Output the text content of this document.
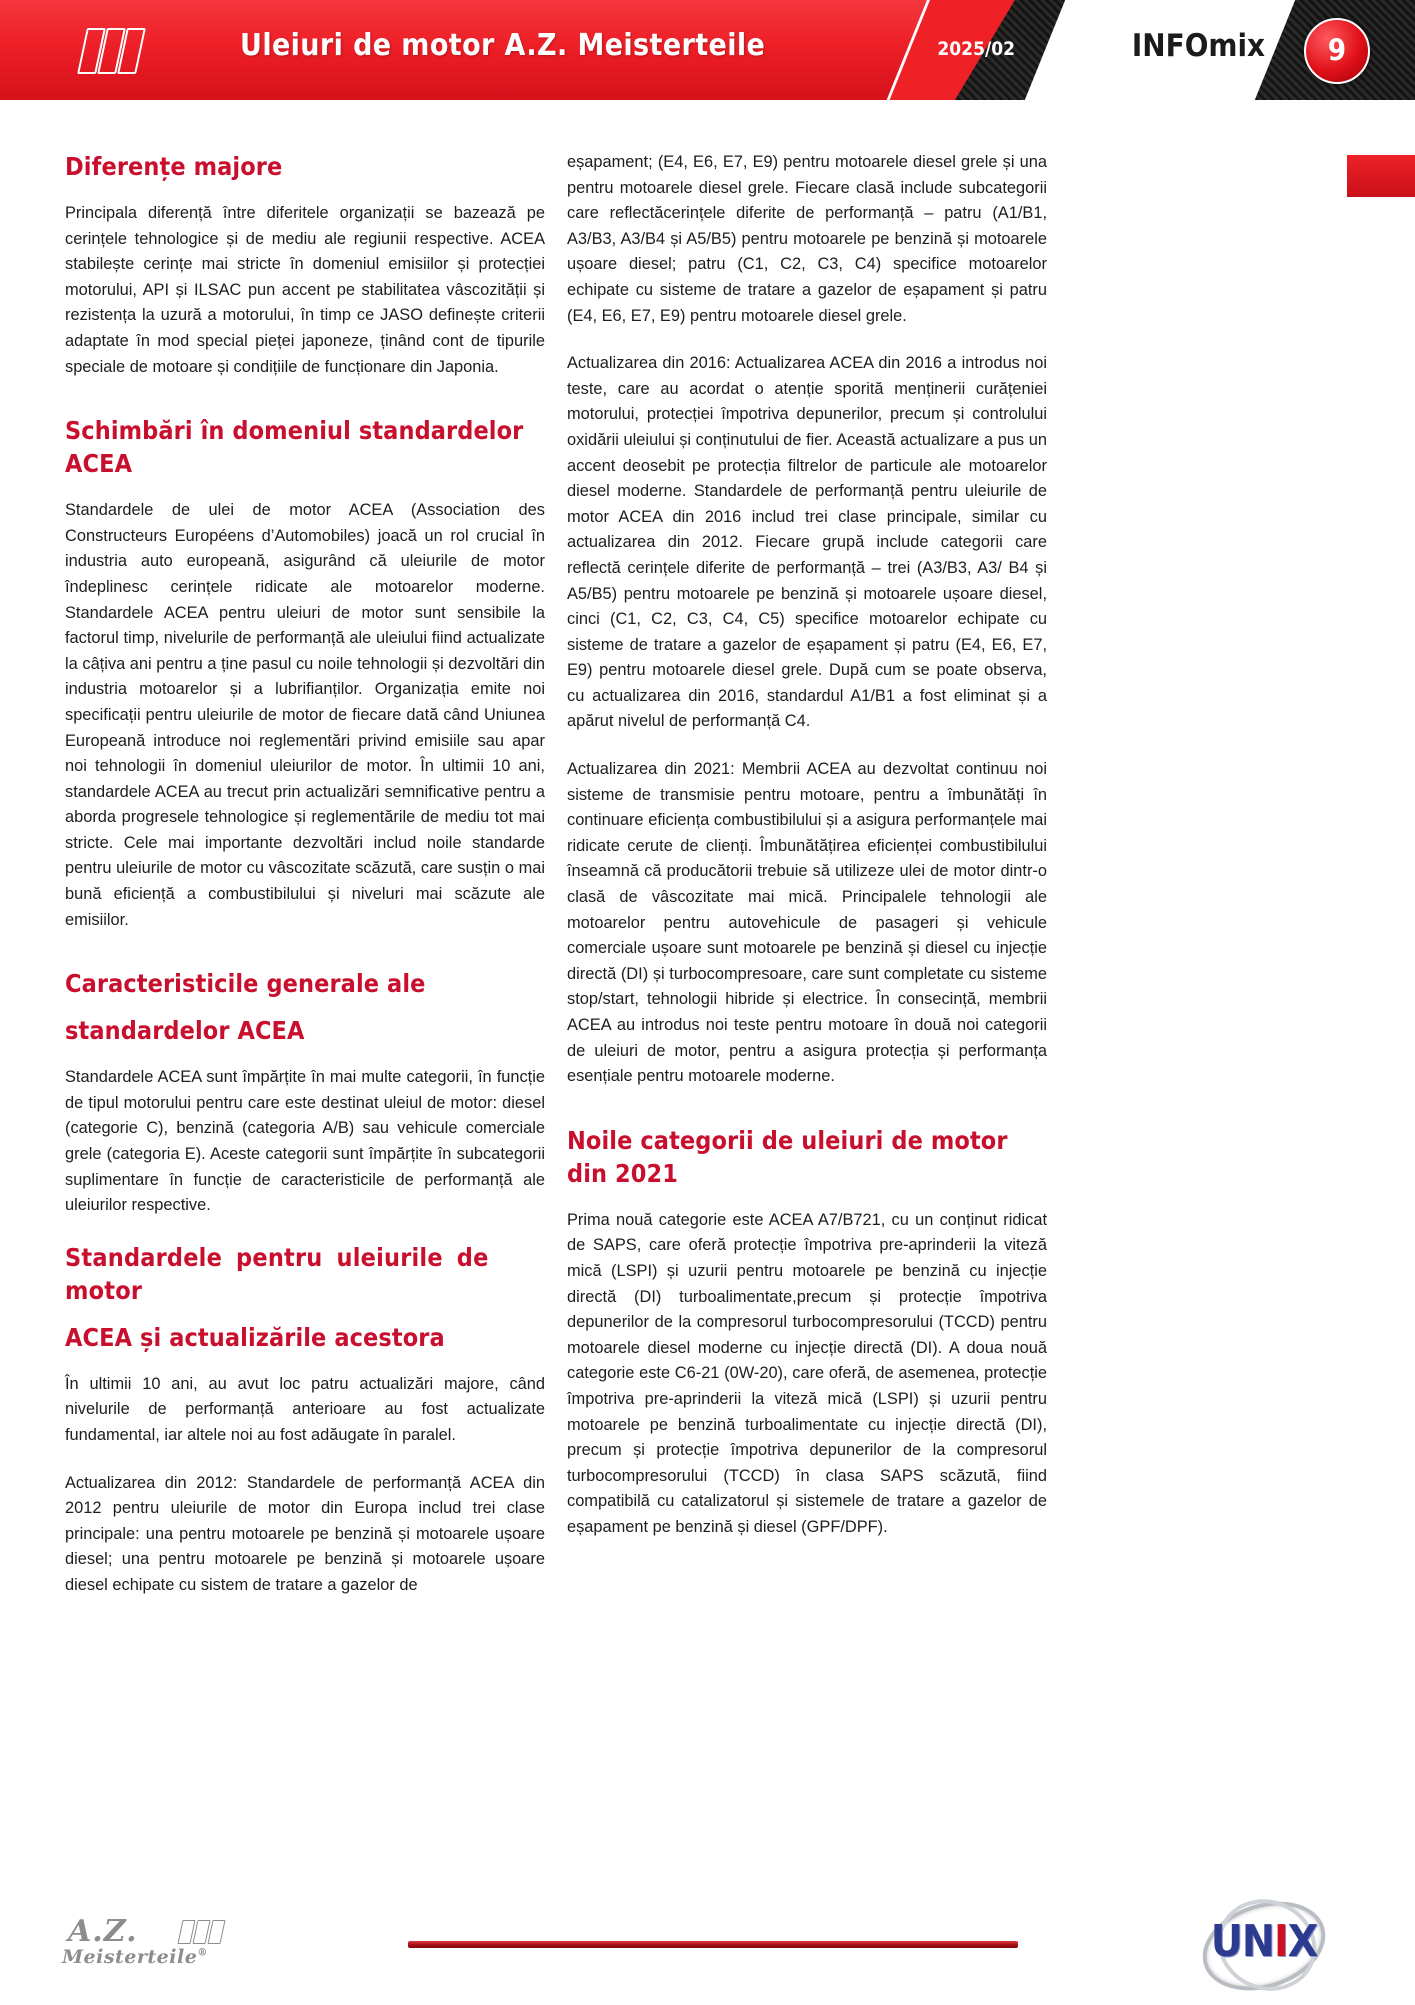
Uleiuri de motor A.Z. Meisterteile	2025/02	INFOmix	9
Diferențe majore

Principala diferență între diferitele organizații se bazează pe cerințele tehnologice și de mediu ale regiunii respective. ACEA stabilește cerințe mai stricte în domeniul emisiilor și protecției motorului, API și ILSAC pun accent pe stabilitatea vâscozității și rezistența la uzură a motorului, în timp ce JASO definește criterii adaptate în mod special pieței japoneze, ținând cont de tipurile speciale de motoare și condițiile de funcționare din Japonia.

Schimbări în domeniul standardelor ACEA

Standardele de ulei de motor ACEA (Association des Constructeurs Européens d’Automobiles) joacă un rol crucial în industria auto europeană, asigurând că uleiurile de motor îndeplinesc cerințele ridicate ale motoarelor moderne. Standardele ACEA pentru uleiuri de motor sunt sensibile la factorul timp, nivelurile de performanță ale uleiului fiind actualizate la câțiva ani pentru a ține pasul cu noile tehnologii și dezvoltări din industria motoarelor și a lubrifianților. Organizația emite noi specificații pentru uleiurile de motor de fiecare dată când Uniunea Europeană introduce noi reglementări privind emisiile sau apar noi tehnologii în domeniul uleiurilor de motor. În ultimii 10 ani, standardele ACEA au trecut prin actualizări semnificative pentru a aborda progresele tehnologice și reglementările de mediu tot mai stricte. Cele mai importante dezvoltări includ noile standarde pentru uleiurile de motor cu vâscozitate scăzută, care susțin o mai bună eficiență a combustibilului și niveluri mai scăzute ale emisiilor.

Caracteristicile generale ale
standardelor ACEA

Standardele ACEA sunt împărțite în mai multe categorii, în funcție de tipul motorului pentru care este destinat uleiul de motor: diesel (categorie C), benzină (categoria A/B) sau vehicule comerciale grele (categoria E). Aceste categorii sunt împărțite în subcategorii suplimentare în funcție de caracteristicile de performanță ale uleiurilor respective.

Standardele pentru uleiurile de motor
ACEA și actualizările acestora

În ultimii 10 ani, au avut loc patru actualizări majore, când nivelurile de performanță anterioare au fost actualizate fundamental, iar altele noi au fost adăugate în paralel.

Actualizarea din 2012: Standardele de performanță ACEA din 2012 pentru uleiurile de motor din Europa includ trei clase principale: una pentru motoarele pe benzină și motoarele ușoare diesel; una pentru motoarele pe benzină și motoarele ușoare diesel echipate cu sistem de tratare a gazelor de

eșapament; (E4, E6, E7, E9) pentru motoarele diesel grele și una pentru motoarele diesel grele. Fiecare clasă include subcategorii care reflectăcerințele diferite de performanță – patru (A1/B1, A3/B3, A3/B4 și A5/B5) pentru motoarele pe benzină și motoarele ușoare diesel; patru (C1, C2, C3, C4) specifice motoarelor echipate cu sisteme de tratare a gazelor de eșapament și patru (E4, E6, E7, E9) pentru motoarele diesel grele.

Actualizarea din 2016: Actualizarea ACEA din 2016 a introdus noi teste, care au acordat o atenție sporită menținerii curățeniei motorului, protecției împotriva depunerilor, precum și controlului oxidării uleiului și conținutului de fier. Această actualizare a pus un accent deosebit pe protecția filtrelor de particule ale motoarelor diesel moderne. Standardele de performanță pentru uleiurile de motor ACEA din 2016 includ trei clase principale, similar cu actualizarea din 2012. Fiecare grupă include categorii care reflectă cerințele diferite de performanță – trei (A3/B3, A3/ B4 și A5/B5) pentru motoarele pe benzină și motoarele ușoare diesel, cinci (C1, C2, C3, C4, C5) specifice motoarelor echipate cu sisteme de tratare a gazelor de eșapament și patru (E4, E6, E7, E9) pentru motoarele diesel grele. După cum se poate observa, cu actualizarea din 2016, standardul A1/B1 a fost eliminat și a apărut nivelul de performanță C4.

Actualizarea din 2021: Membrii ACEA au dezvoltat continuu noi sisteme de transmisie pentru motoare, pentru a îmbunătăți în continuare eficiența combustibilului și a asigura performanțele mai ridicate cerute de clienți. Îmbunătățirea eficienței combustibilului înseamnă că producătorii trebuie să utilizeze ulei de motor dintr-o clasă de vâscozitate mai mică. Principalele tehnologii ale motoarelor pentru autovehicule de pasageri și vehicule comerciale ușoare sunt motoarele pe benzină și diesel cu injecție directă (DI) și turbocompresoare, care sunt completate cu sisteme stop/start, tehnologii hibride și electrice. În consecință, membrii ACEA au introdus noi teste pentru motoare în două noi categorii de uleiuri de motor, pentru a asigura protecția și performanța esențiale pentru motoarele moderne.

Noile categorii de uleiuri de motor din 2021

Prima nouă categorie este ACEA A7/B721, cu un conținut ridicat de SAPS, care oferă protecție împotriva pre-aprinderii la viteză mică (LSPI) și uzurii pentru motoarele pe benzină cu injecție directă (DI) turboalimentate,precum și protecție împotriva depunerilor de la compresorul turbocompresorului (TCCD) pentru motoarele diesel moderne cu injecție directă (DI). A doua nouă categorie este C6-21 (0W-20), care oferă, de asemenea, protecție împotriva pre-aprinderii la viteză mică (LSPI) și uzurii pentru motoarele pe benzină turboalimentate cu injecție directă (DI), precum și protecție împotriva depunerilor de la compresorul turbocompresorului (TCCD) în clasa SAPS scăzută, fiind compatibilă cu catalizatorul și sistemele de tratare a gazelor de eșapament pe benzină și diesel (GPF/DPF).

A.Z.
Meisterteile®	UNIX
